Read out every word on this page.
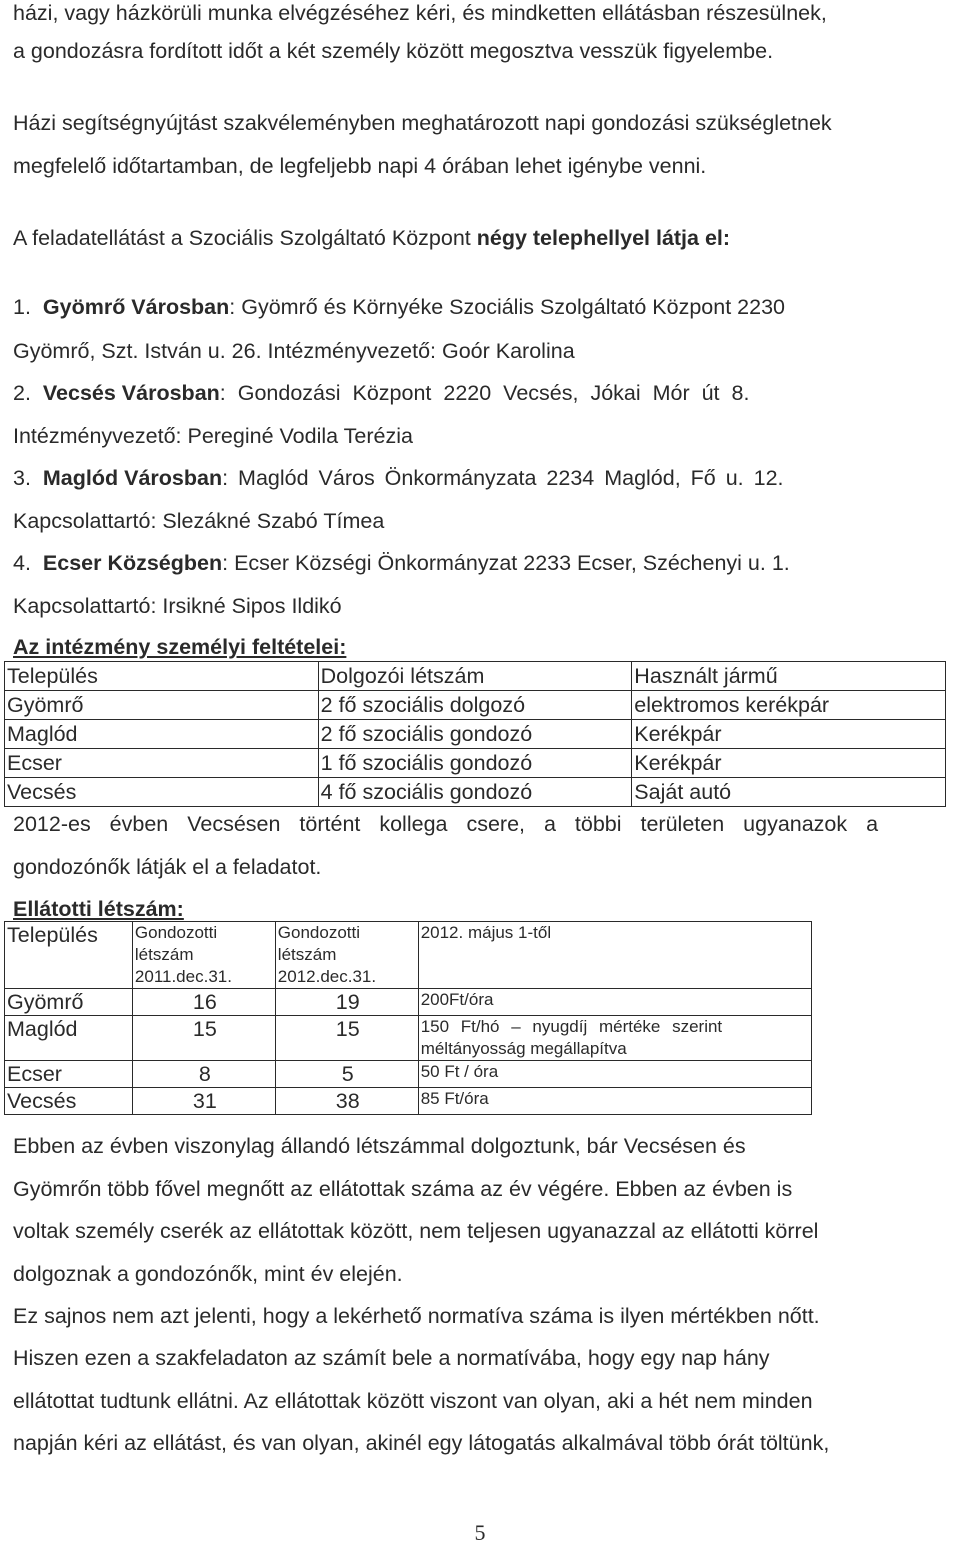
házi, vagy házkörüli munka elvégzéséhez kéri, és mindketten ellátásban részesülnek,
a gondozásra fordított időt a két személy között megosztva vesszük figyelembe.
Házi segítségnyújtást szakvéleményben meghatározott napi gondozási szükségletnek
megfelelő időtartamban, de legfeljebb napi 4 órában lehet igénybe venni.
A feladatellátást a Szociális Szolgáltató Központ négy telephellyel látja el:
1. Gyömrő Városban: Gyömrő és Környéke Szociális Szolgáltató Központ 2230
Gyömrő, Szt. István u. 26. Intézményvezető: Goór Karolina
2. Vecsés Városban: Gondozási Központ 2220 Vecsés, Jókai Mór út 8.
Intézményvezető: Pereginé Vodila Terézia
3. Maglód Városban: Maglód Város Önkormányzata 2234 Maglód, Fő u. 12.
Kapcsolattartó: Slezákné Szabó Tímea
4. Ecser Községben: Ecser Községi Önkormányzat 2233 Ecser, Széchenyi u. 1.
Kapcsolattartó: Irsikné Sipos Ildikó
Az intézmény személyi feltételei:
Település	Dolgozói létszám	Használt jármű
Gyömrő	2 fő szociális dolgozó	elektromos kerékpár
Maglód	2 fő szociális gondozó	Kerékpár
Ecser	1 fő szociális gondozó	Kerékpár
Vecsés	4 fő szociális gondozó	Saját autó
2012-es évben Vecsésen történt kollega csere, a többi területen ugyanazok a
gondozónők látják el a feladatot.
Ellátotti létszám:
Település	Gondozotti
létszám
2011.dec.31.	Gondozotti
létszám
2012.dec.31.	2012. május 1-től
Gyömrő	16	19	200Ft/óra
Maglód	15	15	150 Ft/hó – nyugdíj mértéke szerint
méltányosság megállapítva
Ecser	8	5	50 Ft / óra
Vecsés	31	38	85 Ft/óra
Ebben az évben viszonylag állandó létszámmal dolgoztunk, bár Vecsésen és
Gyömrőn több fővel megnőtt az ellátottak száma az év végére. Ebben az évben is
voltak személy cserék az ellátottak között, nem teljesen ugyanazzal az ellátotti körrel
dolgoznak a gondozónők, mint év elején.
Ez sajnos nem azt jelenti, hogy a lekérhető normatíva száma is ilyen mértékben nőtt.
Hiszen ezen a szakfeladaton az számít bele a normatívába, hogy egy nap hány
ellátottat tudtunk ellátni. Az ellátottak között viszont van olyan, aki a hét nem minden
napján kéri az ellátást, és van olyan, akinél egy látogatás alkalmával több órát töltünk,
5
